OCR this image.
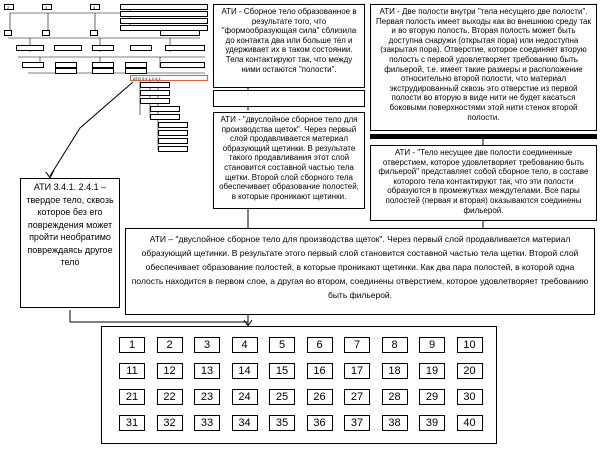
2	3	4
АТИ 3.4.1.2.4.1
АТИ - Сборное тело образованное в результате того, что "формообразующая сила" сблизила до контакта два или больше тел и удерживает их в таком состоянии. Тела контактируют так, что между ними остаются "полости".
АТИ - "двуслойное сборное тело для производства щеток". Через первый слой продавливается материал образующий щетинки. В результате такого продавливания этот слой становится составной частью тела щетки. Второй слой сборного тела обеспечивает образование полостей, в которые проникают щетинки.
АТИ - Две полости внутри "тела несущего две полости". Первая полость имеет выходы как во внешнюю среду так и во вторую полость. Вторая полость может быть доступна снаружи (открытая пора) или недоступна (закрытая пора). Отверстие, которое соединяет вторую полость с первой удовлетворяет требованию быть фильерой, т.е. имеет такие размеры и расположение относительно второй полости, что материал экструдированный сквозь это отверстие из первой полости во вторую в виде нити не будет касаться боковыми поверхностями этой нити стенок второй полости.
АТИ - "Тело несущее две полости соединенные отверстием, которое удовлетворяет требованию быть фильерой" представляет собой сборное тело, в составе которого тела контактируют так, что эти полости образуются в промежутках междутелами. Все пары полостей (первая и вторая) оказываются соединены фильерой.
АТИ 3.4.1. 2.4.1 – твердое тело, сквозь которое без его повреждения может пройти необратимо повреждаясь другое тело
АТИ – "двуслойное сборное тело для производства щеток". Через первый слой продавливается материал образующий щетинки. В результате этого первый слой становится составной частью тела щетки. Второй слой обеспечивает образование полостей, в которые проникают щетинки. Как два пара полостей, в которой одна полость находится в первом слое, а другая во втором, соединены отверстием, которое удовлетворяет требованию быть фильерой.
1	2	3	4	5	6	7	8	9	10
11	12	13	14	15	16	17	18	19	20
21	22	23	24	25	26	27	28	29	30
31	32	33	34	35	36	37	38	39	40
